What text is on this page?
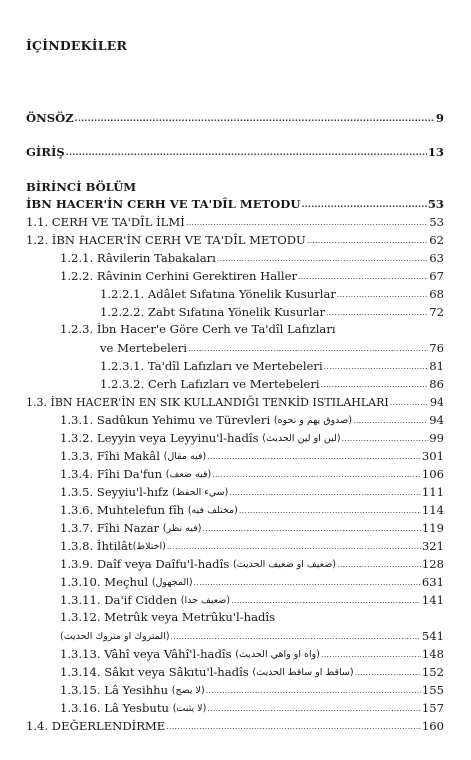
İÇİNDEKİLER
ÖNSÖZ .....	9
GİRİŞ .....	13
BİRİNCİ BÖLÜM
İBN HACER'İN CERH VE TA'DÎL METODU .....	53
1.1. CERH VE TA'DÎL İLMİ .....	53
1.2. İBN HACER'İN CERH VE TA'DÎL METODU .....	62
1.2.1. Râvilerin Tabakaları .....	63
1.2.2. Râvinin Cerhini Gerektiren Haller .....	67
1.2.2.1. Adâlet Sıfatına Yönelik Kusurlar .....	68
1.2.2.2. Zabt Sıfatına Yönelik Kusurlar .....	72
1.2.3. İbn Hacer'e Göre Cerh ve Ta'dîl Lafızları
ve Mertebeleri .....	76
1.2.3.1. Ta'dîl Lafızları ve Mertebeleri .....	81
1.2.3.2. Cerh Lafızları ve Mertebeleri .....	86
1.3. İBN HACER'İN EN SIK KULLANDIĞI TENKİD ISTILAHLARI .....	94
1.3.1. Sadûkun Yehimu ve Türevleri
(صدوق يهم و نحوه) .....	94
1.3.2. Leyyin veya Leyyinu'l-hadîs
(لين او لين الحديث) .....	99
1.3.3. Fîhi Makâl
(فيه مقال) .....	301
1.3.4. Fîhi Da'fun
(فيه ضعف) .....	106
1.3.5. Seyyiu'l-hıfz
(سيء الحفظ) .....	111
1.3.6. Muhtelefun fîh
(مختلف فيه) .....	114
1.3.7. Fîhi Nazar
(فيه نظر) .....	119
1.3.8. İhtilât (اختلاط) .....	321
1.3.9. Daîf veya Daîfu'l-hadîs
(ضعيف او ضعيف الحديث) .....	128
1.3.10. Meçhul
(المجهول) .....	631
1.3.11. Da'if Cidden
(ضعيف جدا) .....	141
1.3.12. Metrûk veya Metrûku'l-hadîs
(المتروك او متروك الحديث) .....	541
1.3.13. Vâhî veya Vâhî'l-hadîs
(واه او واهي الحديث) .....	148
1.3.14. Sâkıt veya Sâkıtu'l-hadîs
(ساقط او ساقط الحديث) .....	152
1.3.15. Lâ Yesihhu
(لا يصح) .....	155
1.3.16. Lâ Yesbutu
(لا يثبت) .....	157
1.4. DEĞERLENDİRME .....	160
